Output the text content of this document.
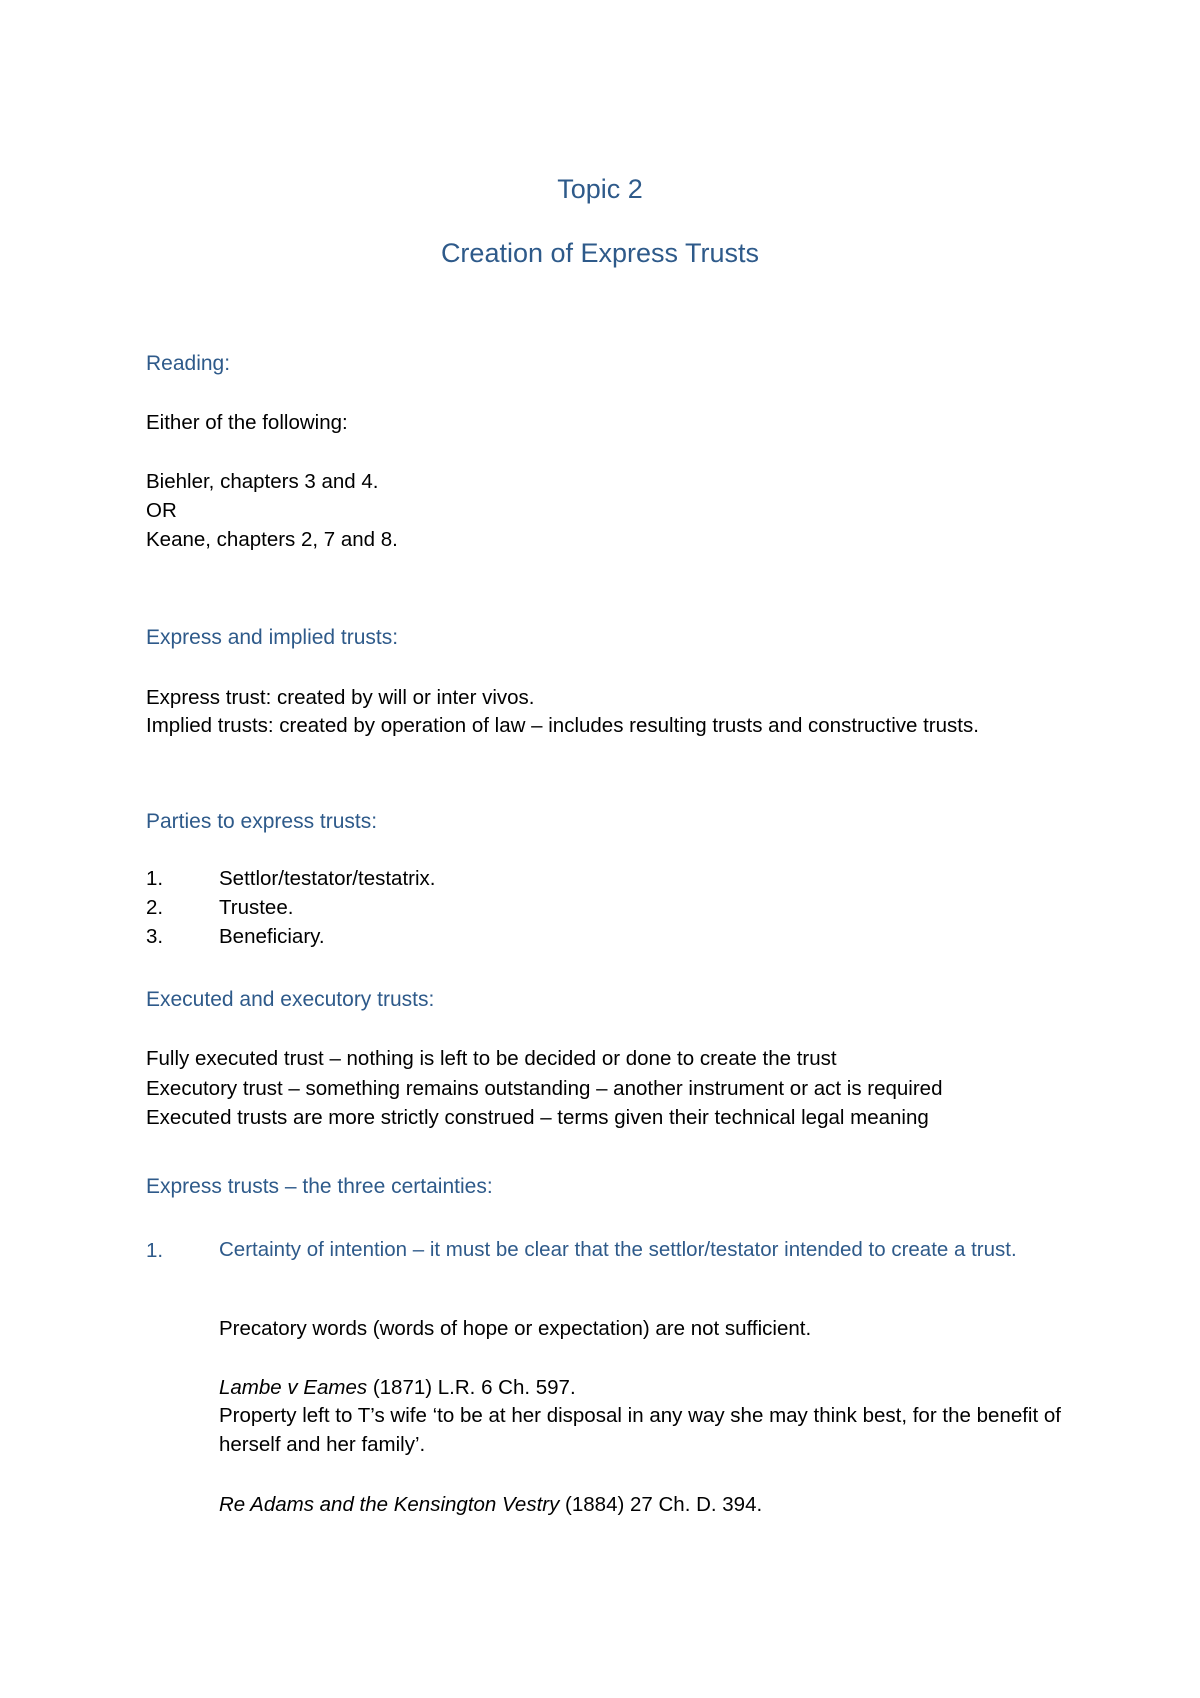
Topic 2
Creation of Express Trusts
Reading:
Either of the following:
Biehler, chapters 3 and 4.
OR
Keane, chapters 2, 7 and 8.
Express and implied trusts:
Express trust: created by will or inter vivos.
Implied trusts: created by operation of law – includes resulting trusts and constructive trusts.
Parties to express trusts:
1.	Settlor/testator/testatrix.
2.	Trustee.
3.	Beneficiary.
Executed and executory trusts:
Fully executed trust – nothing is left to be decided or done to create the trust
Executory trust – something remains outstanding – another instrument or act is required
Executed trusts are more strictly construed – terms given their technical legal meaning
Express trusts – the three certainties:
1.	Certainty of intention – it must be clear that the settlor/testator intended to create a trust.
Precatory words (words of hope or expectation) are not sufficient.
Lambe v Eames (1871) L.R. 6 Ch. 597.
Property left to T’s wife ‘to be at her disposal in any way she may think best, for the benefit of herself and her family’.
Re Adams and the Kensington Vestry (1884) 27 Ch. D. 394.
